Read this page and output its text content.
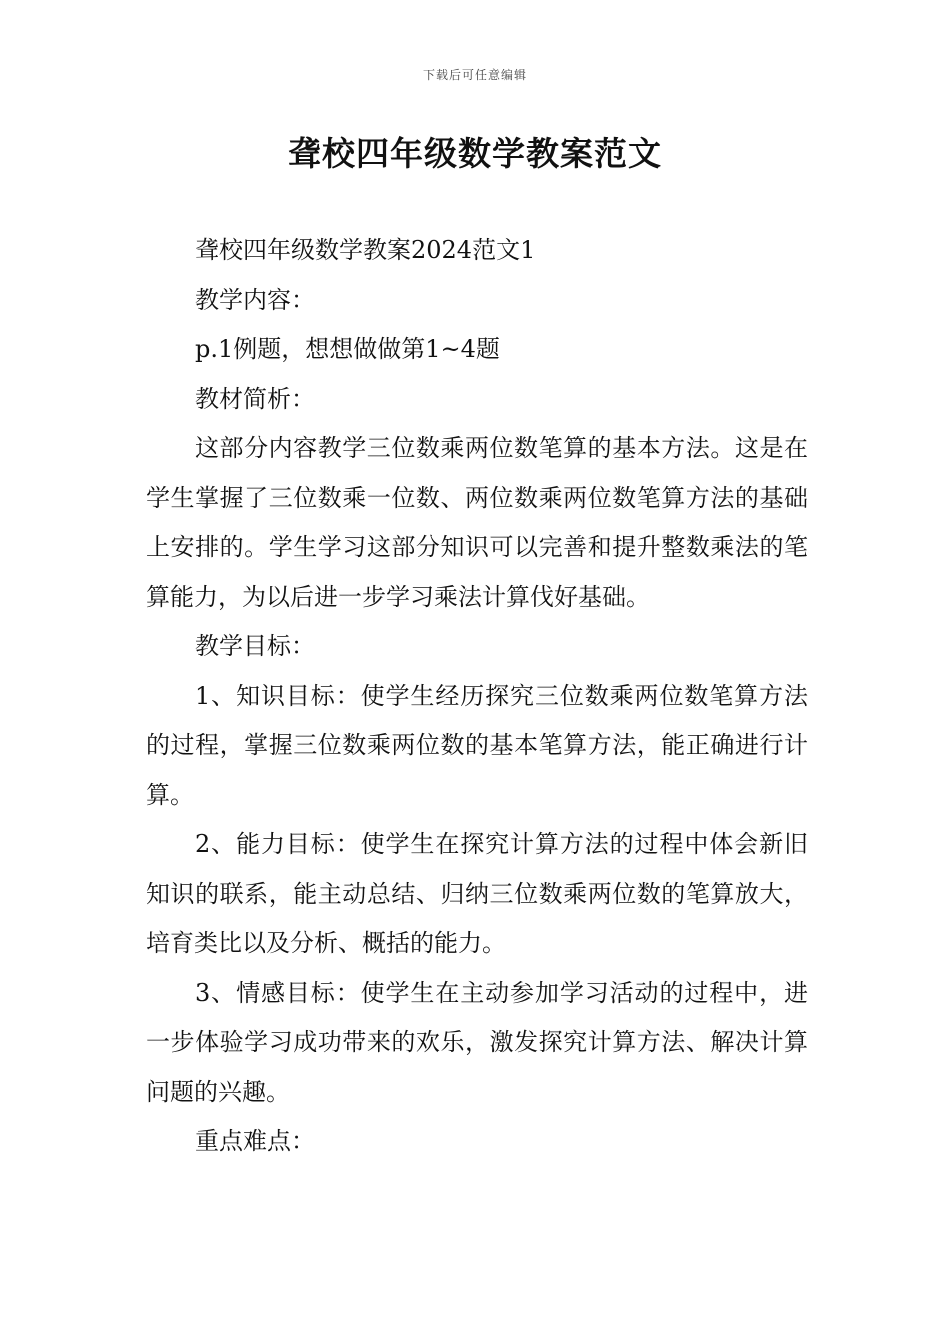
下载后可任意编辑
聋校四年级数学教案范文

聋校四年级数学教案2024范文1

教学内容：

p.1例题，想想做做第1~4题

教材简析：

这部分内容教学三位数乘两位数笔算的基本方法。这是在学生掌握了三位数乘一位数、两位数乘两位数笔算方法的基础上安排的。学生学习这部分知识可以完善和提升整数乘法的笔算能力，为以后进一步学习乘法计算伐好基础。

教学目标：

1、知识目标：使学生经历探究三位数乘两位数笔算方法的过程，掌握三位数乘两位数的基本笔算方法，能正确进行计算。

2、能力目标：使学生在探究计算方法的过程中体会新旧知识的联系，能主动总结、归纳三位数乘两位数的笔算放大，培育类比以及分析、概括的能力。

3、情感目标：使学生在主动参加学习活动的过程中，进一步体验学习成功带来的欢乐，激发探究计算方法、解决计算问题的兴趣。

重点难点：
